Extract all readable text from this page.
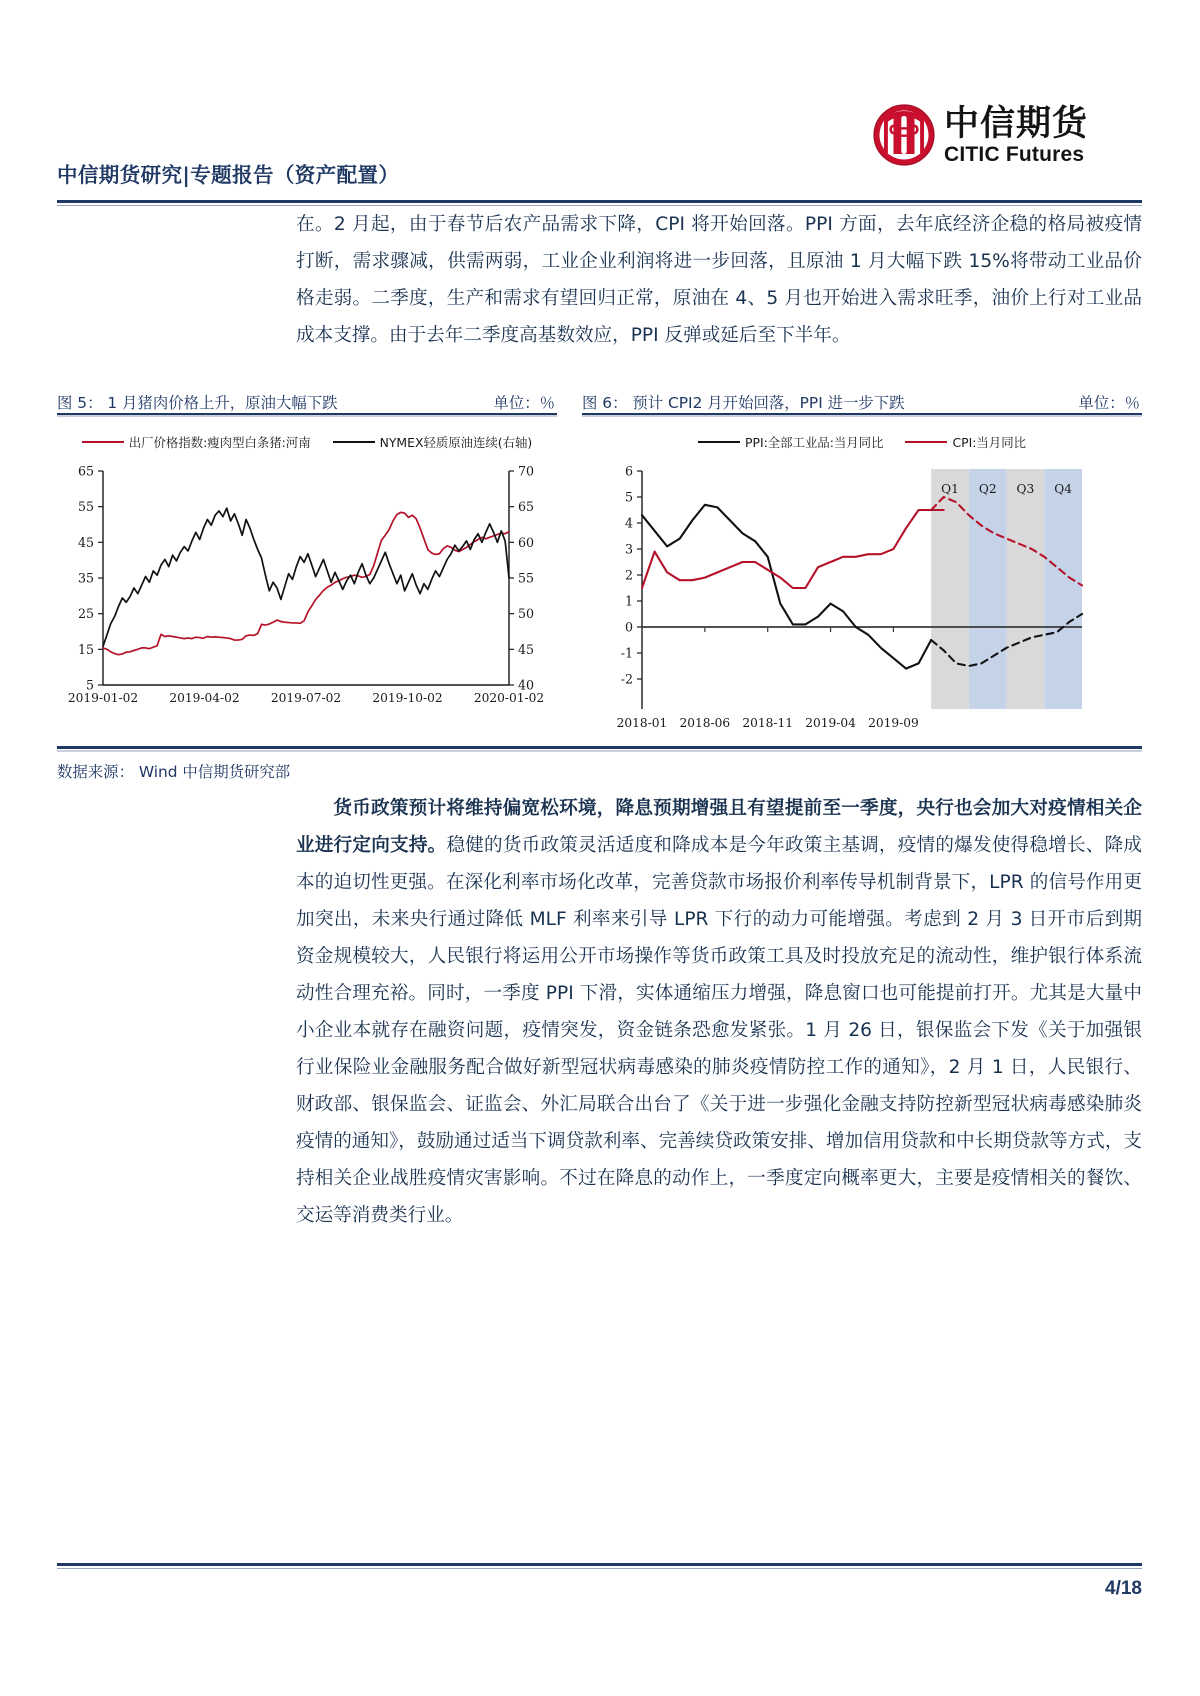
中信期货
CITIC Futures
中信期货研究|专题报告（资产配置）
在。2 月起，由于春节后农产品需求下降，CPI 将开始回落。PPI 方面，去年底经济企稳的格局被疫情打断，需求骤减，供需两弱，工业企业利润将进一步回落，且原油 1 月大幅下跌 15%将带动工业品价格走弱。二季度，生产和需求有望回归正常，原油在 4、5 月也开始进入需求旺季，油价上行对工业品成本支撑。由于去年二季度高基数效应，PPI 反弹或延后至下半年。
图 5： 1 月猪肉价格上升，原油大幅下跌	单位：％
出厂价格指数:瘦肉型白条猪:河南	NYMEX轻质原油连续(右轴)
5
15
25
35
45
55
65
40
45
50
55
60
65
70
2019-01-02	2019-04-02	2019-07-02	2019-10-02	2020-01-02
图 6： 预计 CPI2 月开始回落，PPI 进一步下跌	单位：％
PPI:全部工业品:当月同比	CPI:当月同比
Q1 Q2 Q3 Q4
-2
-1
0
1
2
3
4
5
6
2018-01 2018-06 2018-11 2019-04 2019-09
数据来源： Wind 中信期货研究部
货币政策预计将维持偏宽松环境，降息预期增强且有望提前至一季度，央行也会加大对疫情相关企业进行定向支持。稳健的货币政策灵活适度和降成本是今年政策主基调，疫情的爆发使得稳增长、降成本的迫切性更强。在深化利率市场化改革，完善贷款市场报价利率传导机制背景下，LPR 的信号作用更加突出，未来央行通过降低 MLF 利率来引导 LPR 下行的动力可能增强。考虑到 2 月 3 日开市后到期资金规模较大，人民银行将运用公开市场操作等货币政策工具及时投放充足的流动性，维护银行体系流动性合理充裕。同时，一季度 PPI 下滑，实体通缩压力增强，降息窗口也可能提前打开。尤其是大量中小企业本就存在融资问题，疫情突发，资金链条恐愈发紧张。1 月 26 日，银保监会下发《关于加强银行业保险业金融服务配合做好新型冠状病毒感染的肺炎疫情防控工作的通知》，2 月 1 日，人民银行、财政部、银保监会、证监会、外汇局联合出台了《关于进一步强化金融支持防控新型冠状病毒感染肺炎疫情的通知》，鼓励通过适当下调贷款利率、完善续贷政策安排、增加信用贷款和中长期贷款等方式，支持相关企业战胜疫情灾害影响。不过在降息的动作上，一季度定向概率更大，主要是疫情相关的餐饮、交运等消费类行业。
4/18
